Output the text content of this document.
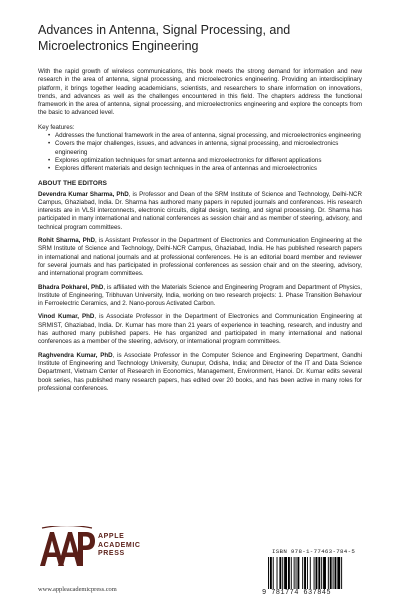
Advances in Antenna, Signal Processing, and Microelectronics Engineering

With the rapid growth of wireless communications, this book meets the strong demand for information and new research in the area of antenna, signal processing, and microelectronics engineering. Providing an interdisciplinary platform, it brings together leading academicians, scientists, and researchers to share information on innovations, trends, and advances as well as the challenges encountered in this field. The chapters address the functional framework in the area of antenna, signal processing, and microelectronics engineering and explore the concepts from the basic to advanced level.

Key features:

• Addresses the functional framework in the area of antenna, signal processing, and microelectronics engineering
• Covers the major challenges, issues, and advances in antenna, signal processing, and microelectronics engineering
• Explores optimization techniques for smart antenna and microelectronics for different applications
• Explores different materials and design techniques in the area of antennas and microelectronics
ABOUT THE EDITORS

Devendra Kumar Sharma, PhD, is Professor and Dean of the SRM Institute of Science and Technology, Delhi-NCR Campus, Ghaziabad, India. Dr. Sharma has authored many papers in reputed journals and conferences. His research interests are in VLSI interconnects, electronic circuits, digital design, testing, and signal processing. Dr. Sharma has participated in many international and national conferences as session chair and as member of steering, advisory, and technical program committees.

Rohit Sharma, PhD, is Assistant Professor in the Department of Electronics and Communication Engineering at the SRM Institute of Science and Technology, Delhi-NCR Campus, Ghaziabad, India. He has published research papers in international and national journals and at professional conferences. He is an editorial board member and reviewer for several journals and has participated in professional conferences as session chair and on the steering, advisory, and international program committees.

Bhadra Pokharel, PhD, is affiliated with the Materials Science and Engineering Program and Department of Physics, Institute of Engineering, Tribhuvan University, India, working on two research projects: 1. Phase Transition Behaviour in Ferroelectric Ceramics, and 2. Nano-porous Activated Carbon.

Vinod Kumar, PhD, is Associate Professor in the Department of Electronics and Communication Engineering at SRMIST, Ghaziabad, India. Dr. Kumar has more than 21 years of experience in teaching, research, and industry and has authored many published papers. He has organized and participated in many international and national conferences as a member of the steering, advisory, or international program committees.

Raghvendra Kumar, PhD, is Associate Professor in the Computer Science and Engineering Department, Gandhi Institute of Engineering and Technology University, Gunupur, Odisha, India; and Director of the IT and Data Science Department, Vietnam Center of Research in Economics, Management, Environment, Hanoi. Dr. Kumar edits several book series, has published many research papers, has edited over 20 books, and has been active in many roles for professional conferences.

APPLE
ACADEMIC
PRESS
www.appleacademicpress.com
ISBN 978-1-77463-784-5
9 781774 637845
